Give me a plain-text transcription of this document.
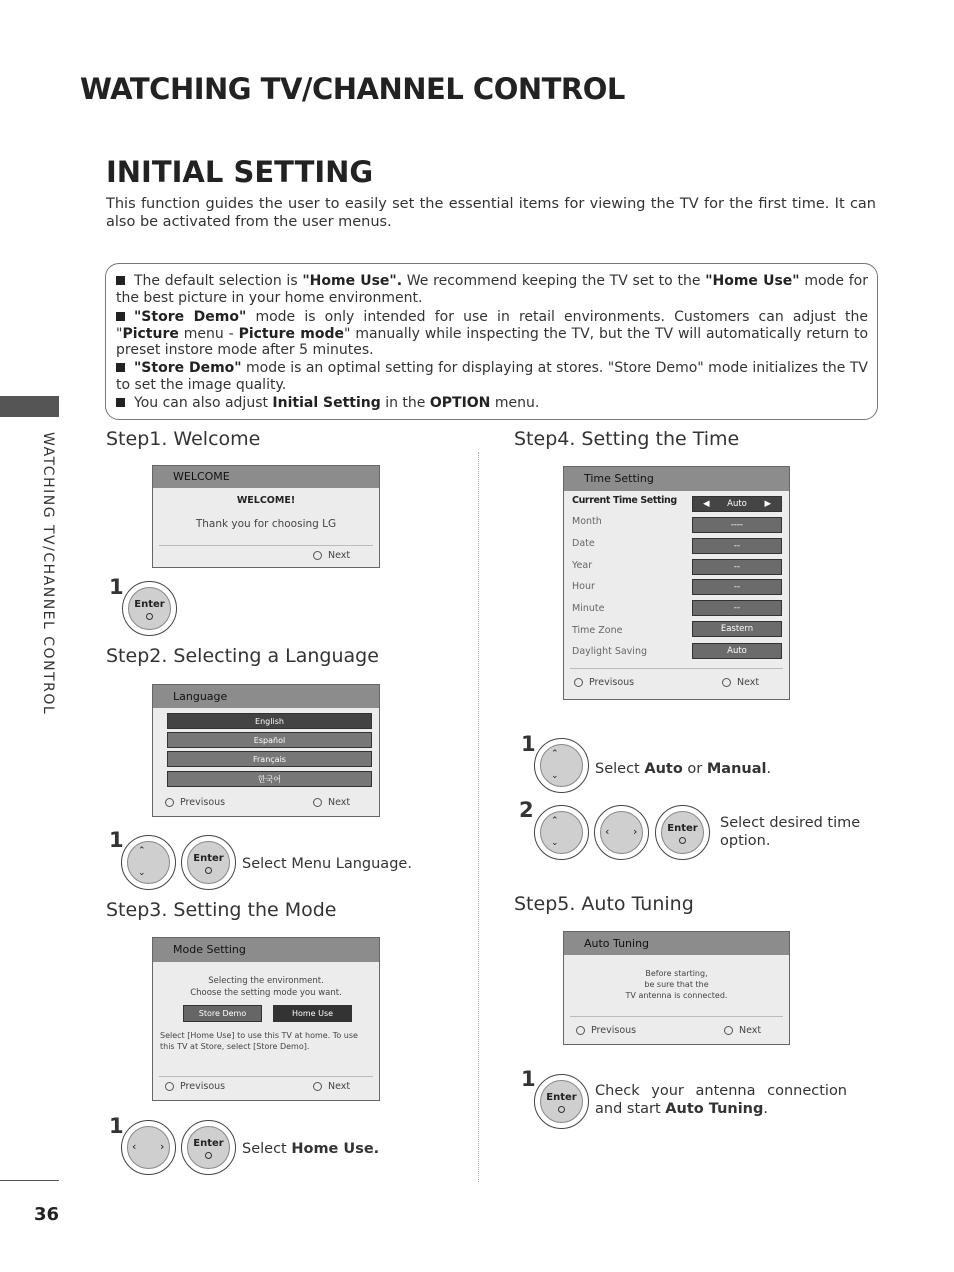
WATCHING TV/CHANNEL CONTROL
INITIAL SETTING
This function guides the user to easily set the essential items for viewing the TV for the first time. It can also be activated from the user menus.
The default selection is "Home Use". We recommend keeping the TV set to the "Home Use" mode for the best picture in your home environment.
"Store Demo" mode is only intended for use in retail environments. Customers can adjust the "Picture menu - Picture mode" manually while inspecting the TV, but the TV will automatically return to preset instore mode after 5 minutes.
"Store Demo" mode is an optimal setting for displaying at stores. "Store Demo" mode initializes the TV to set the image quality.
You can also adjust Initial Setting in the OPTION menu.
WATCHING TV/CHANNEL CONTROL
36
Step1. Welcome
WELCOME
WELCOME!
Thank you for choosing LG
Next
1
Enter
Step2. Selecting a Language
Language
English
Español
Français
한국어
Previsous	Next
1 ⌃
⌄
Enter	Select Menu Language.
Step3. Setting the Mode
Mode Setting
Selecting the environment.
Choose the setting mode you want.
Store Demo	Home Use
Select [Home Use] to use this TV at home. To use this TV at Store, select [Store Demo].
Previsous	Next
1
‹ ›	Enter	Select Home Use.
Step4. Setting the Time
Time Setting
Current Time Setting	◀ Auto ▶
Month	----
Date	--
Year	--
Hour	--
Minute	--
Time Zone	Eastern
Daylight Saving	Auto
Previsous	Next
1 ⌃
⌄	Select Auto or Manual.
2 ⌃
⌄
‹ ›	Enter	Select desired time option.
Step5. Auto Tuning
Auto Tuning
Before starting,
be sure that the
TV antenna is connected.
Previsous	Next
1
Enter	Check your antenna connection and start Auto Tuning.
